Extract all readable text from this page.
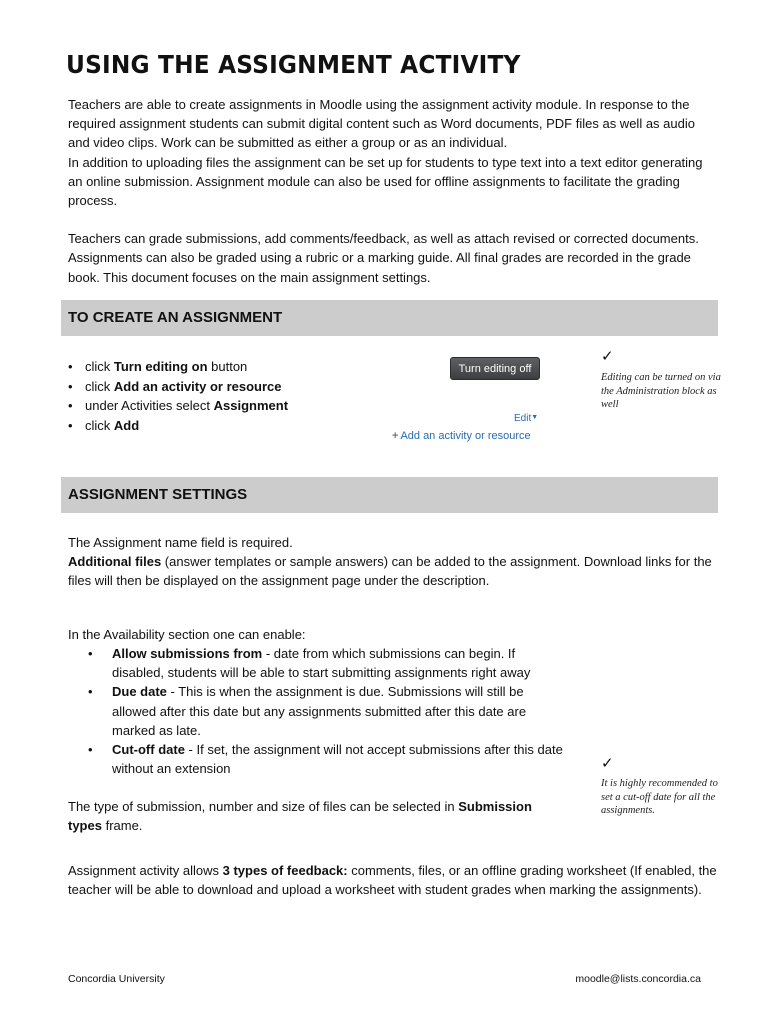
USING THE ASSIGNMENT ACTIVITY

Teachers are able to create assignments in Moodle using the assignment activity module. In response to the required assignment students can submit digital content such as Word documents, PDF files as well as audio and video clips. Work can be submitted as either a group or as an individual.

In addition to uploading files the assignment can be set up for students to type text into a text editor generating an online submission. Assignment module can also be used for offline assignments to facilitate the grading process.

Teachers can grade submissions, add comments/feedback, as well as attach revised or corrected documents. Assignments can also be graded using a rubric or a marking guide. All final grades are recorded in the grade book. This document focuses on the main assignment settings.

TO CREATE AN ASSIGNMENT
• click Turn editing on button
• click Add an activity or resource
• under Activities select Assignment
• click Add
Turn editing off
Edit▼
+ Add an activity or resource
✓
Editing can be turned on via the Administration block as well
ASSIGNMENT SETTINGS

The Assignment name field is required.

Additional files (answer templates or sample answers) can be added to the assignment. Download links for the files will then be displayed on the assignment page under the description.

In the Availability section one can enable:
• Allow submissions from - date from which submissions can begin. If disabled, students will be able to start submitting assignments right away
• Due date - This is when the assignment is due. Submissions will still be allowed after this date but any assignments submitted after this date are marked as late.
• Cut-off date - If set, the assignment will not accept submissions after this date without an extension
The type of submission, number and size of files can be selected in Submission types frame.
✓
It is highly recommended to set a cut-off date for all the assignments.
Assignment activity allows 3 types of feedback: comments, files, or an offline grading worksheet (If enabled, the teacher will be able to download and upload a worksheet with student grades when marking the assignments).
Concordia University	moodle@lists.concordia.ca
